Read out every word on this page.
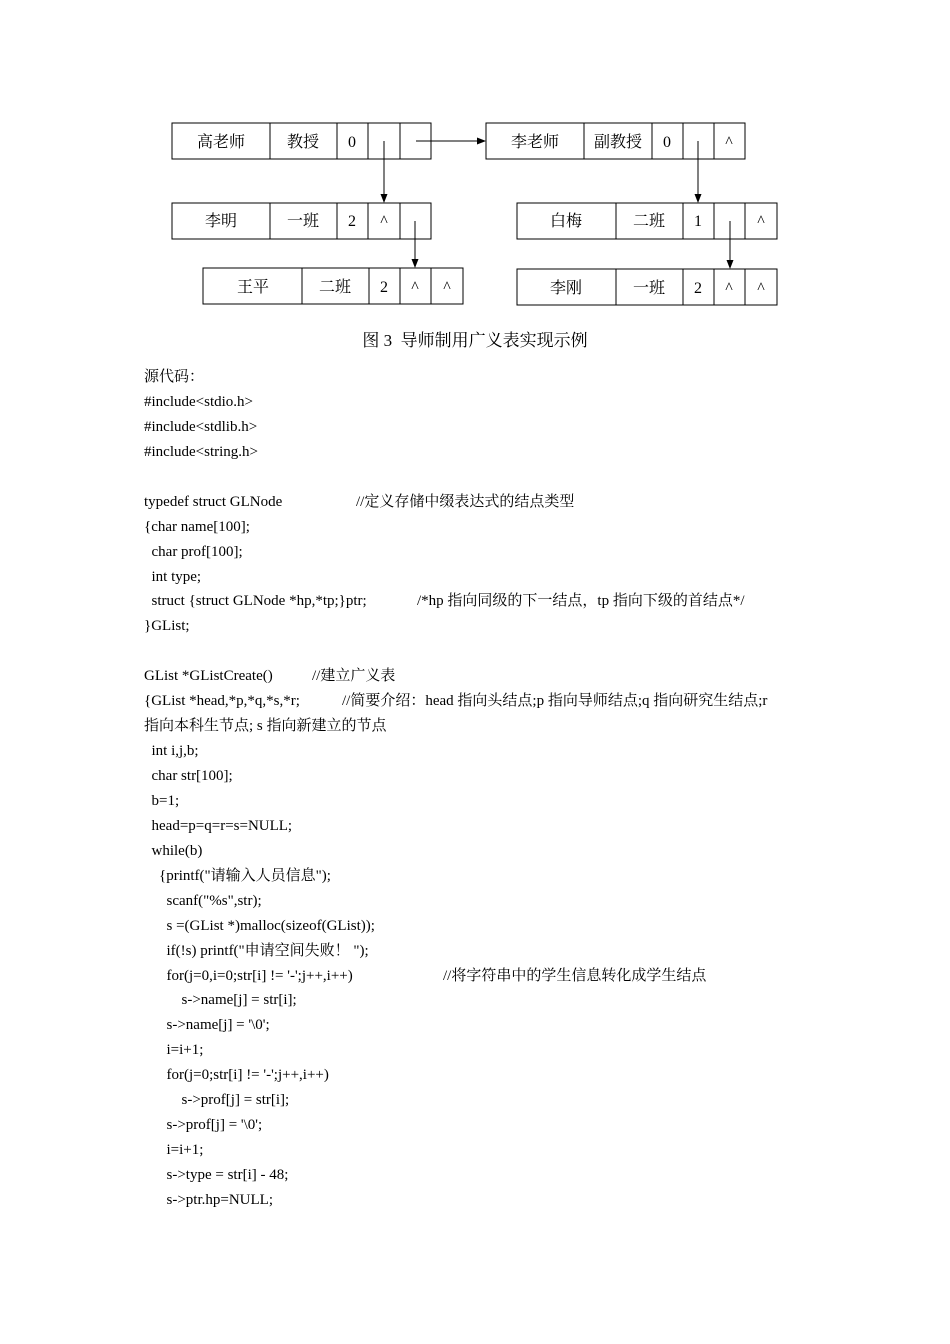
高老师	教授 0	李老师 副教授 0	^
李明	一班 2 ^	白梅	二班 1	^
王平	二班 2 ^ ^	李刚	一班 2 ^ ^
图 3  导师制用广义表实现示例
源代码：
#include<stdio.h>
#include<stdlib.h>
#include<string.h>
typedef struct GLNode	//定义存储中缀表达式的结点类型
{char name[100];
char prof[100];
int type;
struct {struct GLNode *hp,*tp;}ptr;	/*hp 指向同级的下一结点，tp 指向下级的首结点*/
}GList;
GList *GListCreate()	//建立广义表
{GList *head,*p,*q,*s,*r;	//简要介绍：head 指向头结点;p 指向导师结点;q 指向研究生结点;r
指向本科生节点; s 指向新建立的节点
int i,j,b;
char str[100];
b=1;
head=p=q=r=s=NULL;
while(b)
{printf("请输入人员信息");
scanf("%s",str);
s =(GList *)malloc(sizeof(GList));
if(!s) printf("申请空间失败！ ");
for(j=0,i=0;str[i] != '-';j++,i++)	//将字符串中的学生信息转化成学生结点
s->name[j] = str[i];
s->name[j] = '\0';
i=i+1;
for(j=0;str[i] != '-';j++,i++)
s->prof[j] = str[i];
s->prof[j] = '\0';
i=i+1;
s->type = str[i] - 48;
s->ptr.hp=NULL;
